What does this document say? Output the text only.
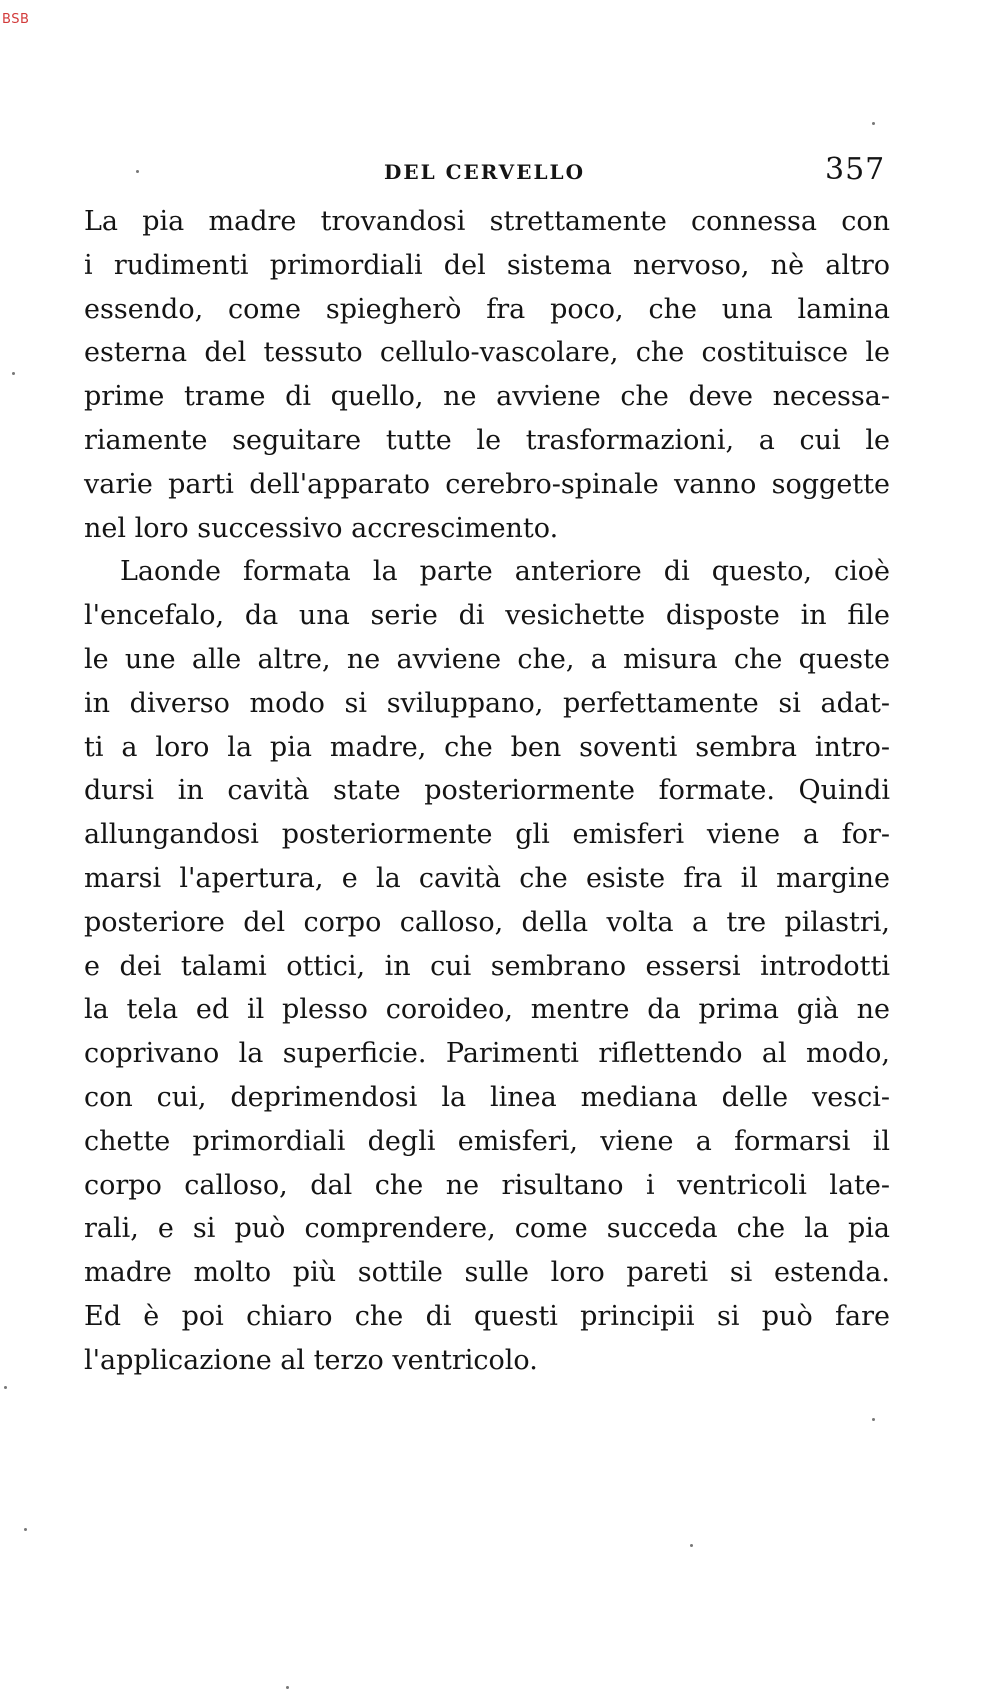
BSB
DEL CERVELLO	357
La pia madre trovandosi strettamente connessa con
i rudimenti primordiali del sistema nervoso, nè altro
essendo, come spiegherò fra poco, che una lamina
esterna del tessuto cellulo-vascolare, che costituisce le
prime trame di quello, ne avviene che deve necessa-
riamente seguitare tutte le trasformazioni, a cui le
varie parti dell'apparato cerebro-spinale vanno soggette
nel loro successivo accrescimento.
Laonde formata la parte anteriore di questo, cioè
l'encefalo, da una serie di vesichette disposte in file
le une alle altre, ne avviene che, a misura che queste
in diverso modo si sviluppano, perfettamente si adat-
ti a loro la pia madre, che ben soventi sembra intro-
dursi in cavità state posteriormente formate. Quindi
allungandosi posteriormente gli emisferi viene a for-
marsi l'apertura, e la cavità che esiste fra il margine
posteriore del corpo calloso, della volta a tre pilastri,
e dei talami ottici, in cui sembrano essersi introdotti
la tela ed il plesso coroideo, mentre da prima già ne
coprivano la superficie. Parimenti riflettendo al modo,
con cui, deprimendosi la linea mediana delle vesci-
chette primordiali degli emisferi, viene a formarsi il
corpo calloso, dal che ne risultano i ventricoli late-
rali, e si può comprendere, come succeda che la pia
madre molto più sottile sulle loro pareti si estenda.
Ed è poi chiaro che di questi principii si può fare
l'applicazione al terzo ventricolo.
